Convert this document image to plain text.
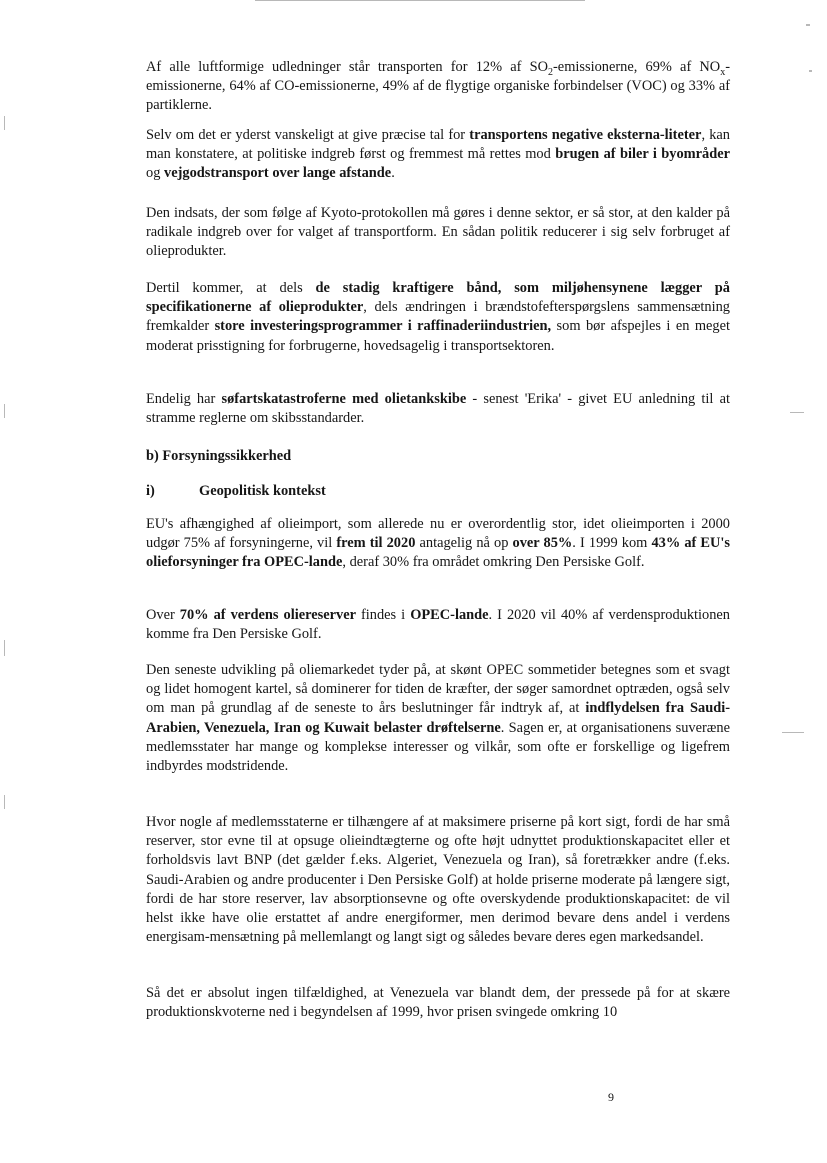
Af alle luftformige udledninger står transporten for 12% af $SO_2$-emissionerne, 69% af $NO_x$-emissionerne, 64% af CO-emissionerne, 49% af de flygtige organiske forbindelser (VOC) og 33% af partiklerne.

Selv om det er yderst vanskeligt at give præcise tal for transportens negative eksterna-liteter, kan man konstatere, at politiske indgreb først og fremmest må rettes mod brugen af biler i byområder og vejgodstransport over lange afstande.

Den indsats, der som følge af Kyoto-protokollen må gøres i denne sektor, er så stor, at den kalder på radikale indgreb over for valget af transportform. En sådan politik reducerer i sig selv forbruget af olieprodukter.

Dertil kommer, at dels de stadig kraftigere bånd, som miljøhensynene lægger på specifikationerne af olieprodukter, dels ændringen i brændstofefterspørgslens sammensætning fremkalder store investeringsprogrammer i raffinaderiindustrien, som bør afspejles i en meget moderat prisstigning for forbrugerne, hovedsagelig i transportsektoren.

Endelig har søfartskatastroferne med olietankskibe - senest 'Erika' - givet EU anledning til at stramme reglerne om skibsstandarder.

b) Forsyningssikkerhed

i)	Geopolitisk kontekst

EU's afhængighed af olieimport, som allerede nu er overordentlig stor, idet olieimporten i 2000 udgør 75% af forsyningerne, vil frem til 2020 antagelig nå op over 85%. I 1999 kom 43% af EU's olieforsyninger fra OPEC-lande, deraf 30% fra området omkring Den Persiske Golf.

Over 70% af verdens oliereserver findes i OPEC-lande. I 2020 vil 40% af verdensproduktionen komme fra Den Persiske Golf.

Den seneste udvikling på oliemarkedet tyder på, at skønt OPEC sommetider betegnes som et svagt og lidet homogent kartel, så dominerer for tiden de kræfter, der søger samordnet optræden, også selv om man på grundlag af de seneste to års beslutninger får indtryk af, at indflydelsen fra Saudi-Arabien, Venezuela, Iran og Kuwait belaster drøftelserne. Sagen er, at organisationens suveræne medlemsstater har mange og komplekse interesser og vilkår, som ofte er forskellige og ligefrem indbyrdes modstridende.

Hvor nogle af medlemsstaterne er tilhængere af at maksimere priserne på kort sigt, fordi de har små reserver, stor evne til at opsuge olieindtægterne og ofte højt udnyttet produktionskapacitet eller et forholdsvis lavt BNP (det gælder f.eks. Algeriet, Venezuela og Iran), så foretrækker andre (f.eks. Saudi-Arabien og andre producenter i Den Persiske Golf) at holde priserne moderate på længere sigt, fordi de har store reserver, lav absorptionsevne og ofte overskydende produktionskapacitet: de vil helst ikke have olie erstattet af andre energiformer, men derimod bevare dens andel i verdens energisam-mensætning på mellemlangt og langt sigt og således bevare deres egen markedsandel.

Så det er absolut ingen tilfældighed, at Venezuela var blandt dem, der pressede på for at skære produktionskvoterne ned i begyndelsen af 1999, hvor prisen svingede omkring 10

9
